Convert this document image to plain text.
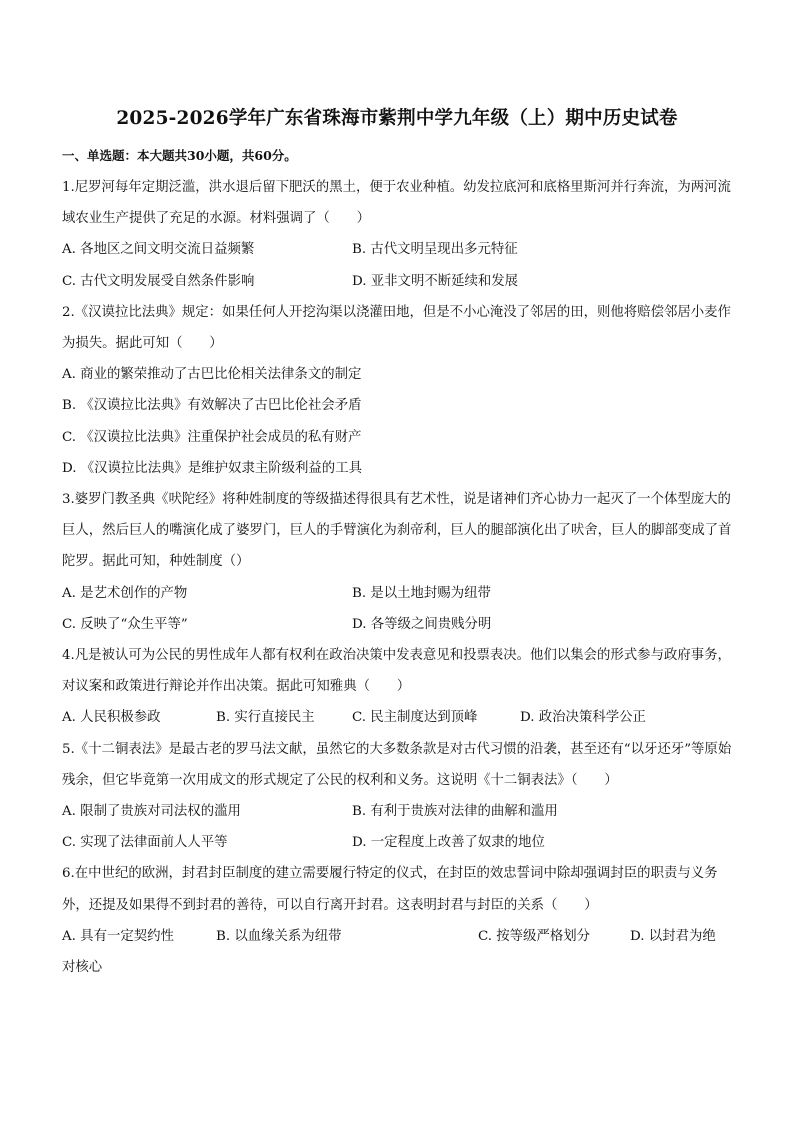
2025-2026学年广东省珠海市紫荆中学九年级（上）期中历史试卷
一、单选题：本大题共30小题，共60分。
1.尼罗河每年定期泛滥，洪水退后留下肥沃的黑土，便于农业种植。幼发拉底河和底格里斯河并行奔流，为两河流域农业生产提供了充足的水源。材料强调了（　　）
A. 各地区之间文明交流日益频繁	B. 古代文明呈现出多元特征
C. 古代文明发展受自然条件影响	D. 亚非文明不断延续和发展
2.《汉谟拉比法典》规定：如果任何人开挖沟渠以浇灌田地，但是不小心淹没了邻居的田，则他将赔偿邻居小麦作为损失。据此可知（　　）
A. 商业的繁荣推动了古巴比伦相关法律条文的制定
B. 《汉谟拉比法典》有效解决了古巴比伦社会矛盾
C. 《汉谟拉比法典》注重保护社会成员的私有财产
D. 《汉谟拉比法典》是维护奴隶主阶级利益的工具
3.婆罗门教圣典《吠陀经》将种姓制度的等级描述得很具有艺术性，说是诸神们齐心协力一起灭了一个体型庞大的巨人，然后巨人的嘴演化成了婆罗门，巨人的手臂演化为刹帝利，巨人的腿部演化出了吠舍，巨人的脚部变成了首陀罗。据此可知，种姓制度（）
A. 是艺术创作的产物	B. 是以土地封赐为纽带
C. 反映了“众生平等”	D. 各等级之间贵贱分明
4.凡是被认可为公民的男性成年人都有权利在政治决策中发表意见和投票表决。他们以集会的形式参与政府事务，对议案和政策进行辩论并作出决策。据此可知雅典（　　）
A. 人民积极参政	B. 实行直接民主	C. 民主制度达到顶峰	D. 政治决策科学公正
5.《十二铜表法》是最古老的罗马法文献，虽然它的大多数条款是对古代习惯的沿袭，甚至还有“以牙还牙”等原始残余，但它毕竟第一次用成文的形式规定了公民的权利和义务。这说明《十二铜表法》（　　）
A. 限制了贵族对司法权的滥用	B. 有利于贵族对法律的曲解和滥用
C. 实现了法律面前人人平等	D. 一定程度上改善了奴隶的地位
6.在中世纪的欧洲，封君封臣制度的建立需要履行特定的仪式，在封臣的效忠誓词中除却强调封臣的职责与义务外，还提及如果得不到封君的善待，可以自行离开封君。这表明封君与封臣的关系（　　）
A. 具有一定契约性	B. 以血缘关系为纽带	C. 按等级严格划分	D. 以封君为绝
对核心
